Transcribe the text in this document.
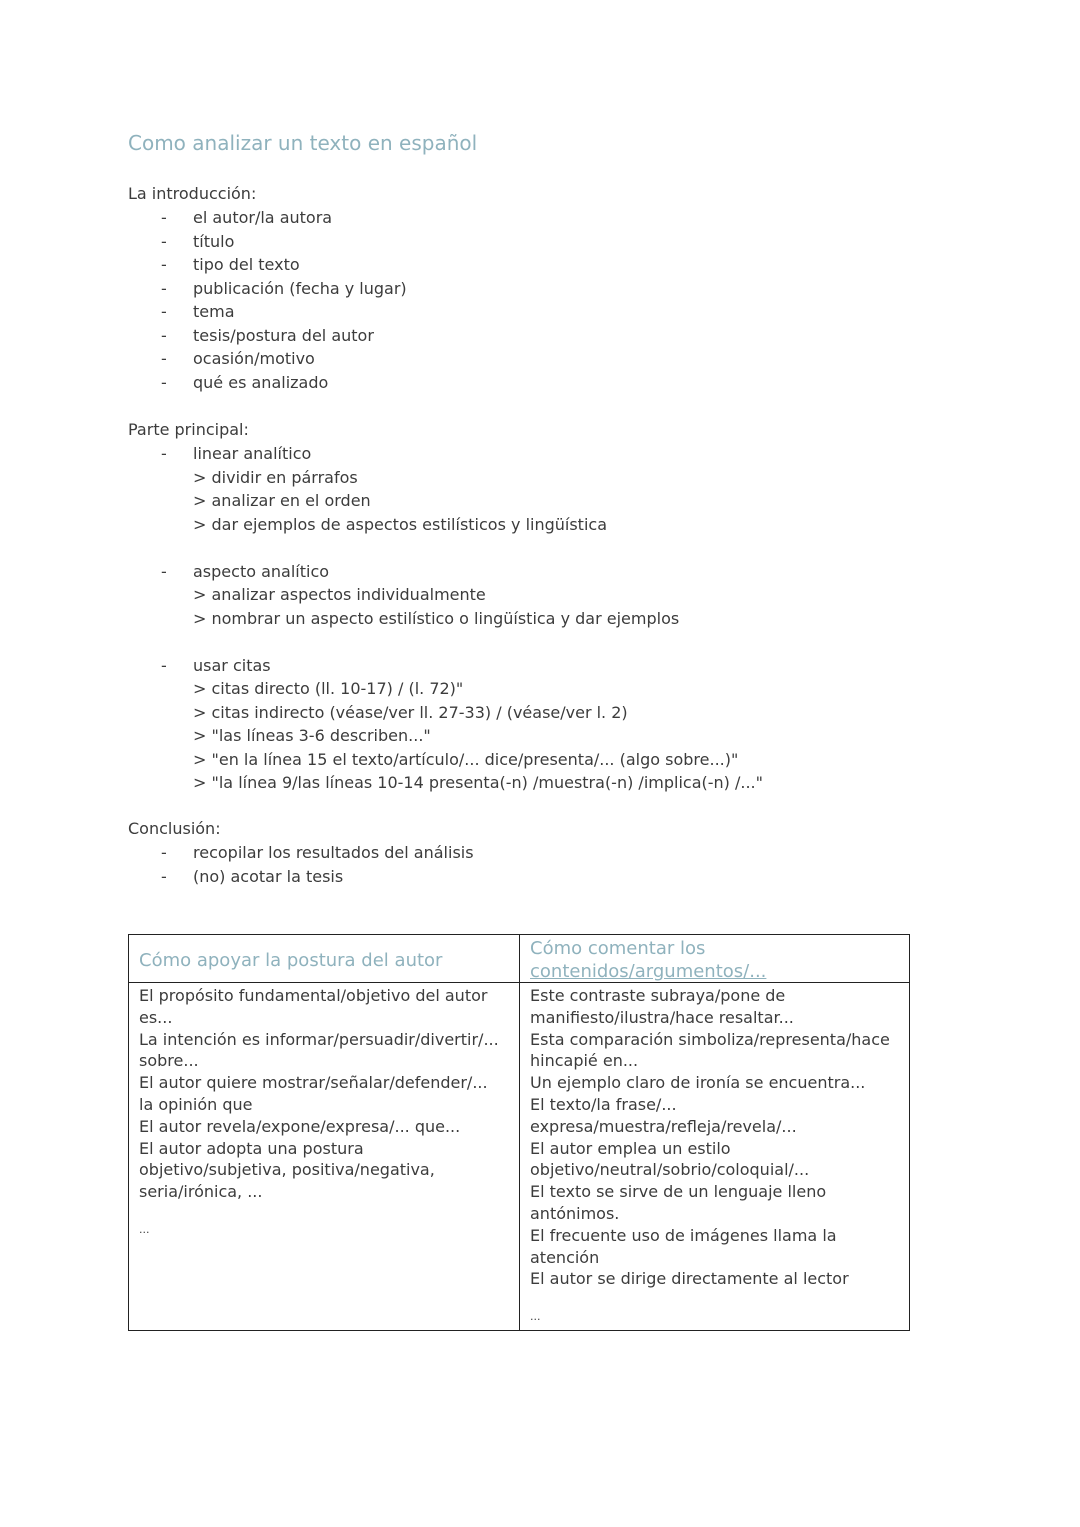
Como analizar un texto en español
La introducción:
- el autor/la autora
- título
- tipo del texto
- publicación (fecha y lugar)
- tema
- tesis/postura del autor
- ocasión/motivo
- qué es analizado
Parte principal:
- linear analítico
> dividir en párrafos
> analizar en el orden
> dar ejemplos de aspectos estilísticos y lingüística
- aspecto analítico
> analizar aspectos individualmente
> nombrar un aspecto estilístico o lingüística y dar ejemplos
- usar citas
> citas directo (ll. 10-17) / (l. 72)"
> citas indirecto (véase/ver ll. 27-33) / (véase/ver l. 2)
> "las líneas 3-6 describen..."
> "en la línea 15 el texto/artículo/... dice/presenta/... (algo sobre...)"
> "la línea 9/las líneas 10-14 presenta(-n) /muestra(-n) /implica(-n) /..."
Conclusión:
- recopilar los resultados del análisis
- (no) acotar la tesis
Cómo apoyar la postura del autor
El propósito fundamental/objetivo del autor
es...
La intención es informar/persuadir/divertir/...
sobre...
El autor quiere mostrar/señalar/defender/...
la opinión que
El autor revela/expone/expresa/... que...
El autor adopta una postura
objetivo/subjetiva, positiva/negativa,
seria/irónica, ...
...
Cómo comentar los
contenidos/argumentos/...
Este contraste subraya/pone de
manifiesto/ilustra/hace resaltar...
Esta comparación simboliza/representa/hace
hincapié en...
Un ejemplo claro de ironía se encuentra...
El texto/la frase/...
expresa/muestra/refleja/revela/...
El autor emplea un estilo
objetivo/neutral/sobrio/coloquial/...
El texto se sirve de un lenguaje lleno
antónimos.
El frecuente uso de imágenes llama la
atención
El autor se dirige directamente al lector
...
